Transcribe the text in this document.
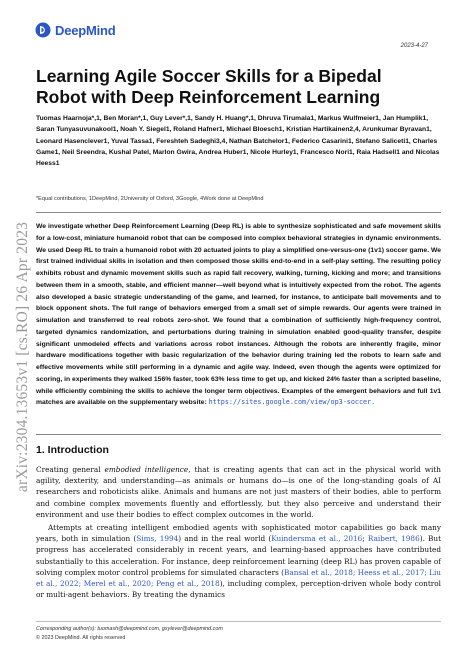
DeepMind
2023-4-27
arXiv:2304.13653v1 [cs.RO] 26 Apr 2023
Learning Agile Soccer Skills for a Bipedal Robot with Deep Reinforcement Learning
Tuomas Haarnoja*,1, Ben Moran*,1, Guy Lever*,1, Sandy H. Huang*,1, Dhruva Tirumala1, Markus Wulfmeier1, Jan Humplik1, Saran Tunyasuvunakool1, Noah Y. Siegel1, Roland Hafner1, Michael Bloesch1, Kristian Hartikainen2,4, Arunkumar Byravan1, Leonard Hasenclever1, Yuval Tassa1, Fereshteh Sadeghi3,4, Nathan Batchelor1, Federico Casarini1, Stefano Saliceti1, Charles Game1, Neil Sreendra, Kushal Patel, Marlon Gwira, Andrea Huber1, Nicole Hurley1, Francesco Nori1, Raia Hadsell1 and Nicolas Heess1
*Equal contributions, 1DeepMind, 2University of Oxford, 3Google, 4Work done at DeepMind
We investigate whether Deep Reinforcement Learning (Deep RL) is able to synthesize sophisticated and safe movement skills for a low-cost, miniature humanoid robot that can be composed into complex behavioral strategies in dynamic environments. We used Deep RL to train a humanoid robot with 20 actuated joints to play a simplified one-versus-one (1v1) soccer game. We first trained individual skills in isolation and then composed those skills end-to-end in a self-play setting. The resulting policy exhibits robust and dynamic movement skills such as rapid fall recovery, walking, turning, kicking and more; and transitions between them in a smooth, stable, and efficient manner—well beyond what is intuitively expected from the robot. The agents also developed a basic strategic understanding of the game, and learned, for instance, to anticipate ball movements and to block opponent shots. The full range of behaviors emerged from a small set of simple rewards. Our agents were trained in simulation and transferred to real robots zero-shot. We found that a combination of sufficiently high-frequency control, targeted dynamics randomization, and perturbations during training in simulation enabled good-quality transfer, despite significant unmodeled effects and variations across robot instances. Although the robots are inherently fragile, minor hardware modifications together with basic regularization of the behavior during training led the robots to learn safe and effective movements while still performing in a dynamic and agile way. Indeed, even though the agents were optimized for scoring, in experiments they walked 156% faster, took 63% less time to get up, and kicked 24% faster than a scripted baseline, while efficiently combining the skills to achieve the longer term objectives. Examples of the emergent behaviors and full 1v1 matches are available on the supplementary website: https://sites.google.com/view/op3-soccer.
1. Introduction
Creating general embodied intelligence, that is creating agents that can act in the physical world with agility, dexterity, and understanding—as animals or humans do—is one of the long-standing goals of AI researchers and roboticists alike. Animals and humans are not just masters of their bodies, able to perform and combine complex movements fluently and effortlessly, but they also perceive and understand their environment and use their bodies to effect complex outcomes in the world.
Attempts at creating intelligent embodied agents with sophisticated motor capabilities go back many years, both in simulation (Sims, 1994) and in the real world (Kuindersma et al., 2016; Raibert, 1986). But progress has accelerated considerably in recent years, and learning-based approaches have contributed substantially to this acceleration. For instance, deep reinforcement learning (deep RL) has proven capable of solving complex motor control problems for simulated characters (Bansal et al., 2018; Heess et al., 2017; Liu et al., 2022; Merel et al., 2020; Peng et al., 2018), including complex, perception-driven whole body control or multi-agent behaviors. By treating the dynamics
Corresponding author(s): tuomash@deepmind.com, gxylever@deepmind.com
© 2023 DeepMind. All rights reserved
